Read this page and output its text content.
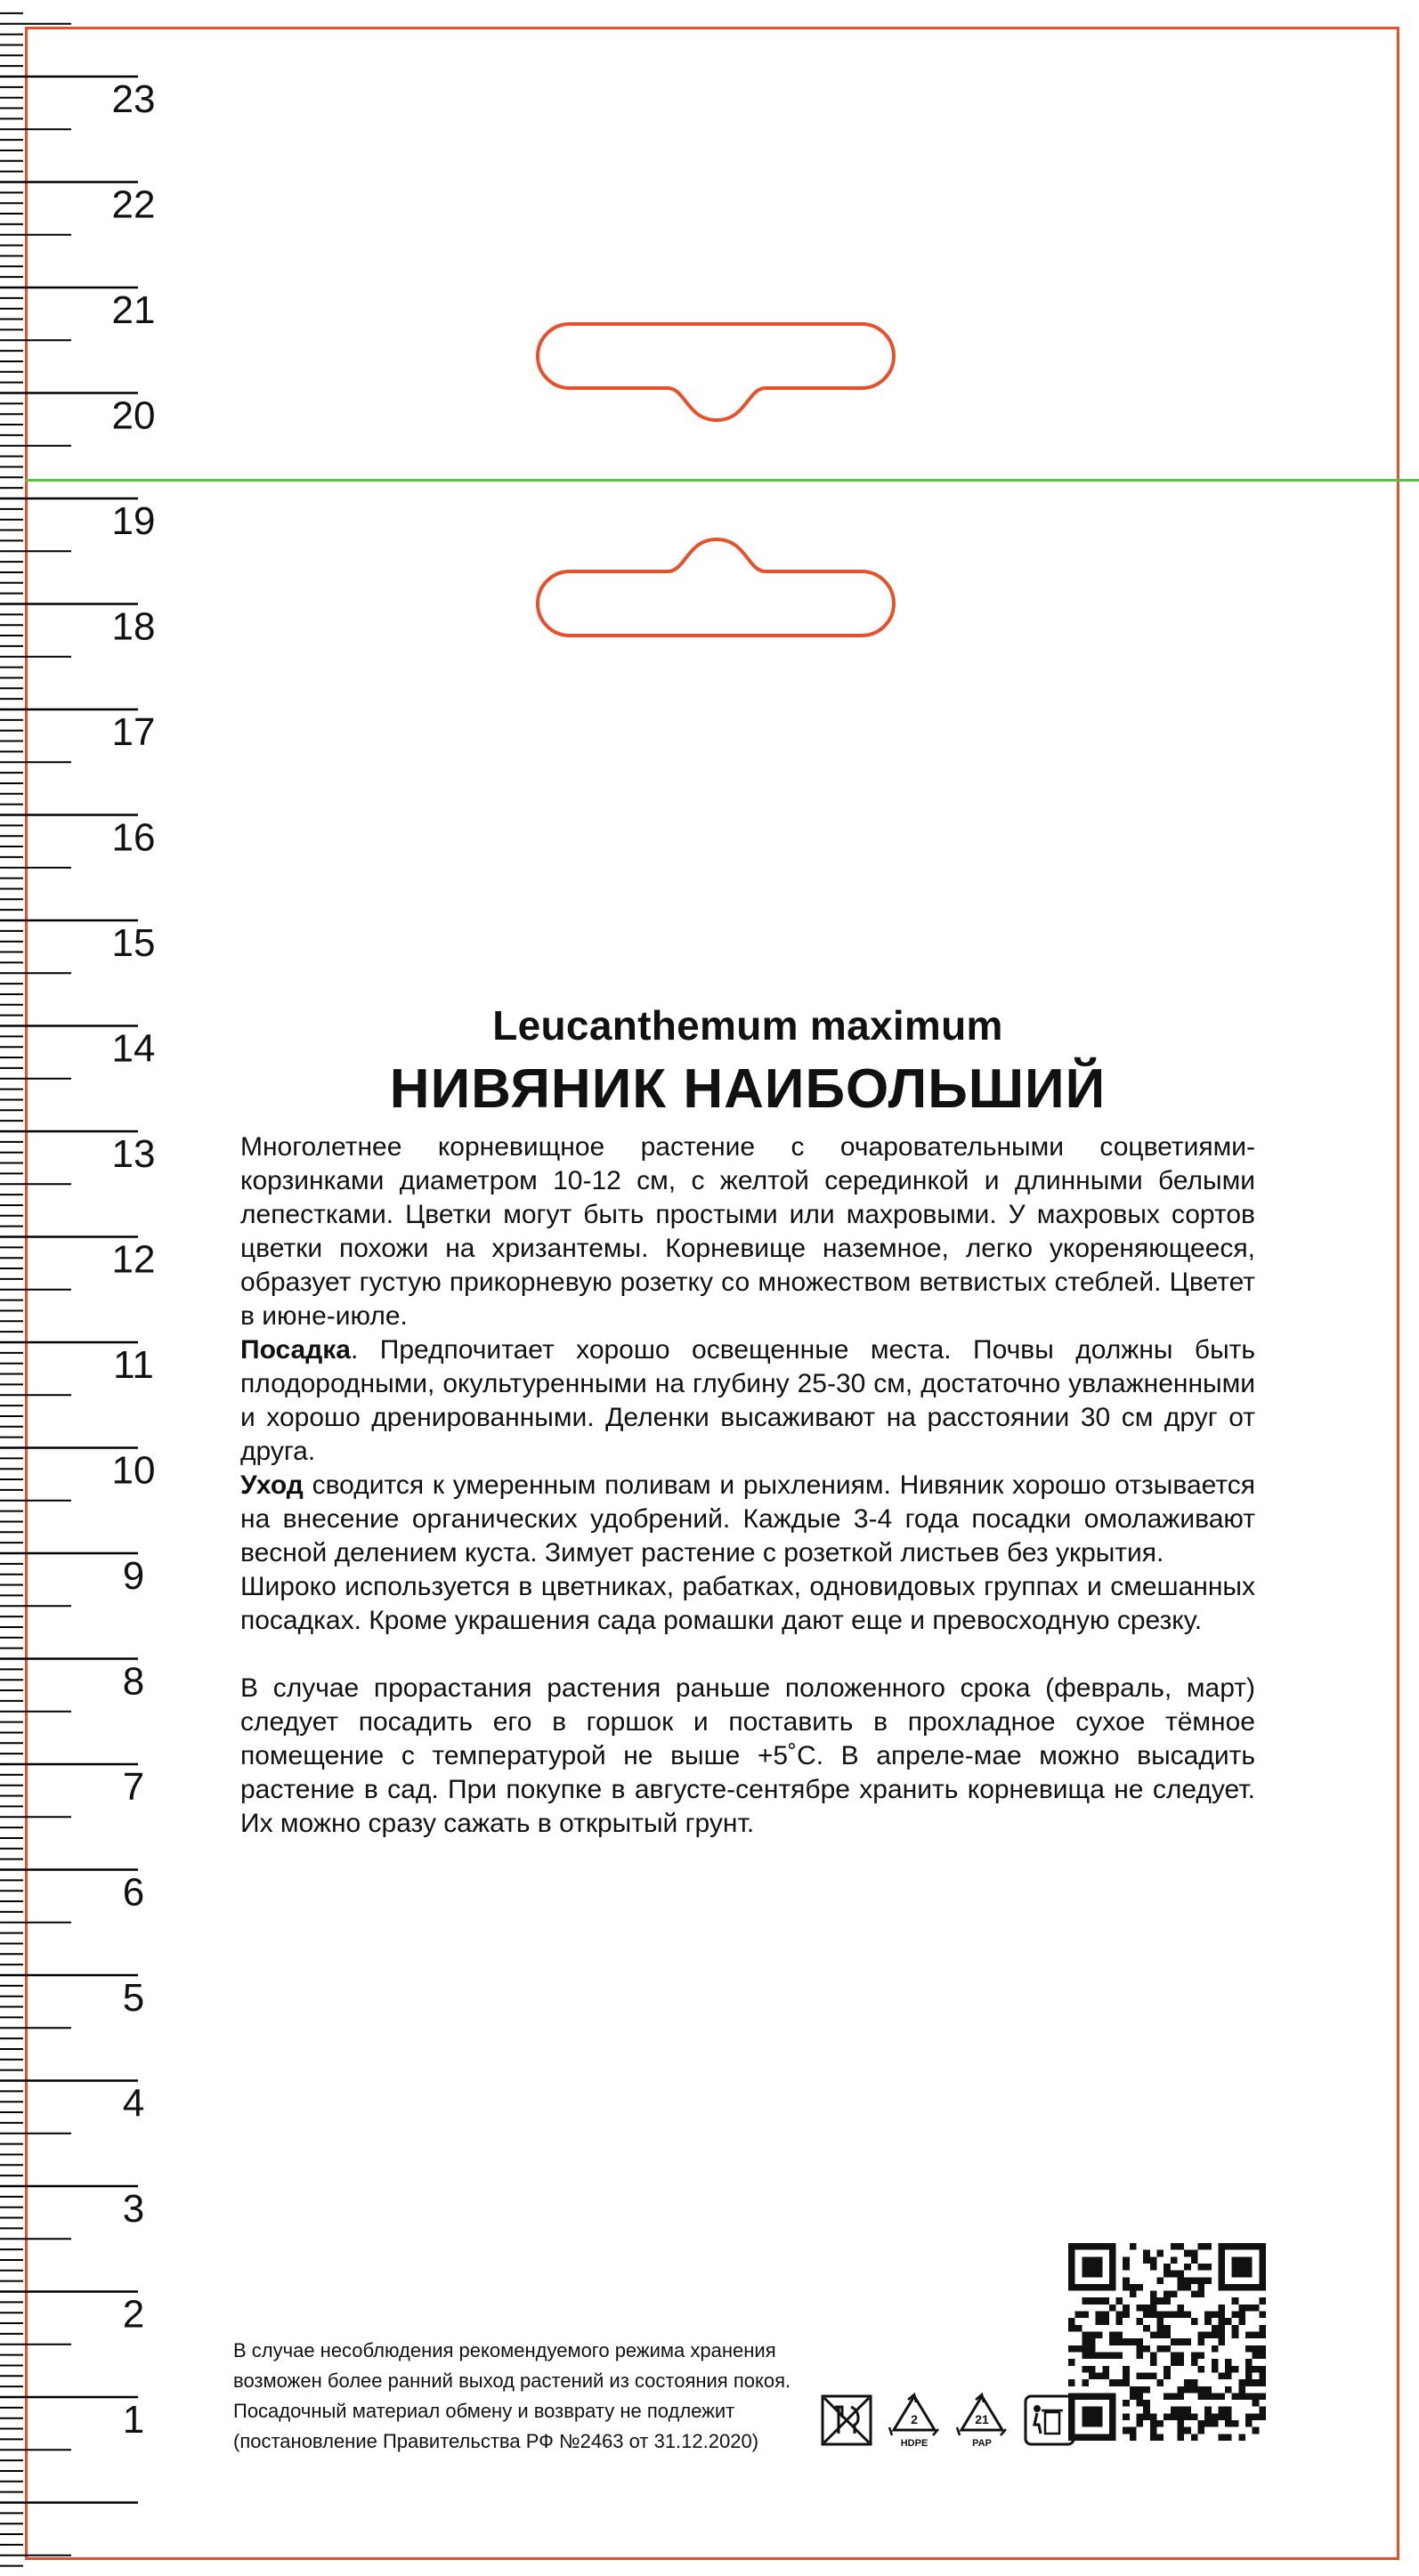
23
22
21
20
19
18
17
16
15
14
13
12
11
10
9
8
7
6
5
4
3
2
1
Leucanthemum maximum
НИВЯНИК НАИБОЛЬШИЙ

Многолетнее корневищное растение с очаровательными соцветиями-корзинками диаметром 10-12 см, с желтой серединкой и длинными белыми лепестками. Цветки могут быть простыми или махровыми. У махровых сортов цветки похожи на хризантемы. Корневище наземное, легко укореняющееся, образует густую прикорневую розетку со множеством ветвистых стеблей. Цветет в июне-июле.

Посадка. Предпочитает хорошо освещенные места. Почвы должны быть плодородными, окультуренными на глубину 25-30 см, достаточно увлажненными и хорошо дренированными. Деленки высаживают на расстоянии 30 см друг от друга.

Уход сводится к умеренным поливам и рыхлениям. Нивяник хорошо отзывается на внесение органических удобрений. Каждые 3-4 года посадки омолаживают весной делением куста. Зимует растение с розеткой листьев без укрытия.

Широко используется в цветниках, рабатках, одновидовых группах и смешанных посадках. Кроме украшения сада ромашки дают еще и превосходную срезку.

В случае прорастания растения раньше положенного срока (февраль, март) следует посадить его в горшок и поставить в прохладное сухое тёмное помещение с температурой не выше +5˚С. В апреле-мае можно высадить растение в сад. При покупке в августе-сентябре хранить корневища не следует. Их можно сразу сажать в открытый грунт.

В случае несоблюдения рекомендуемого режима хранения

возможен более ранний выход растений из состояния покоя.

Посадочный материал обмену и возврату не подлежит

(постановление Правительства РФ №2463 от 31.12.2020)

2
HDPE
21
PAP
